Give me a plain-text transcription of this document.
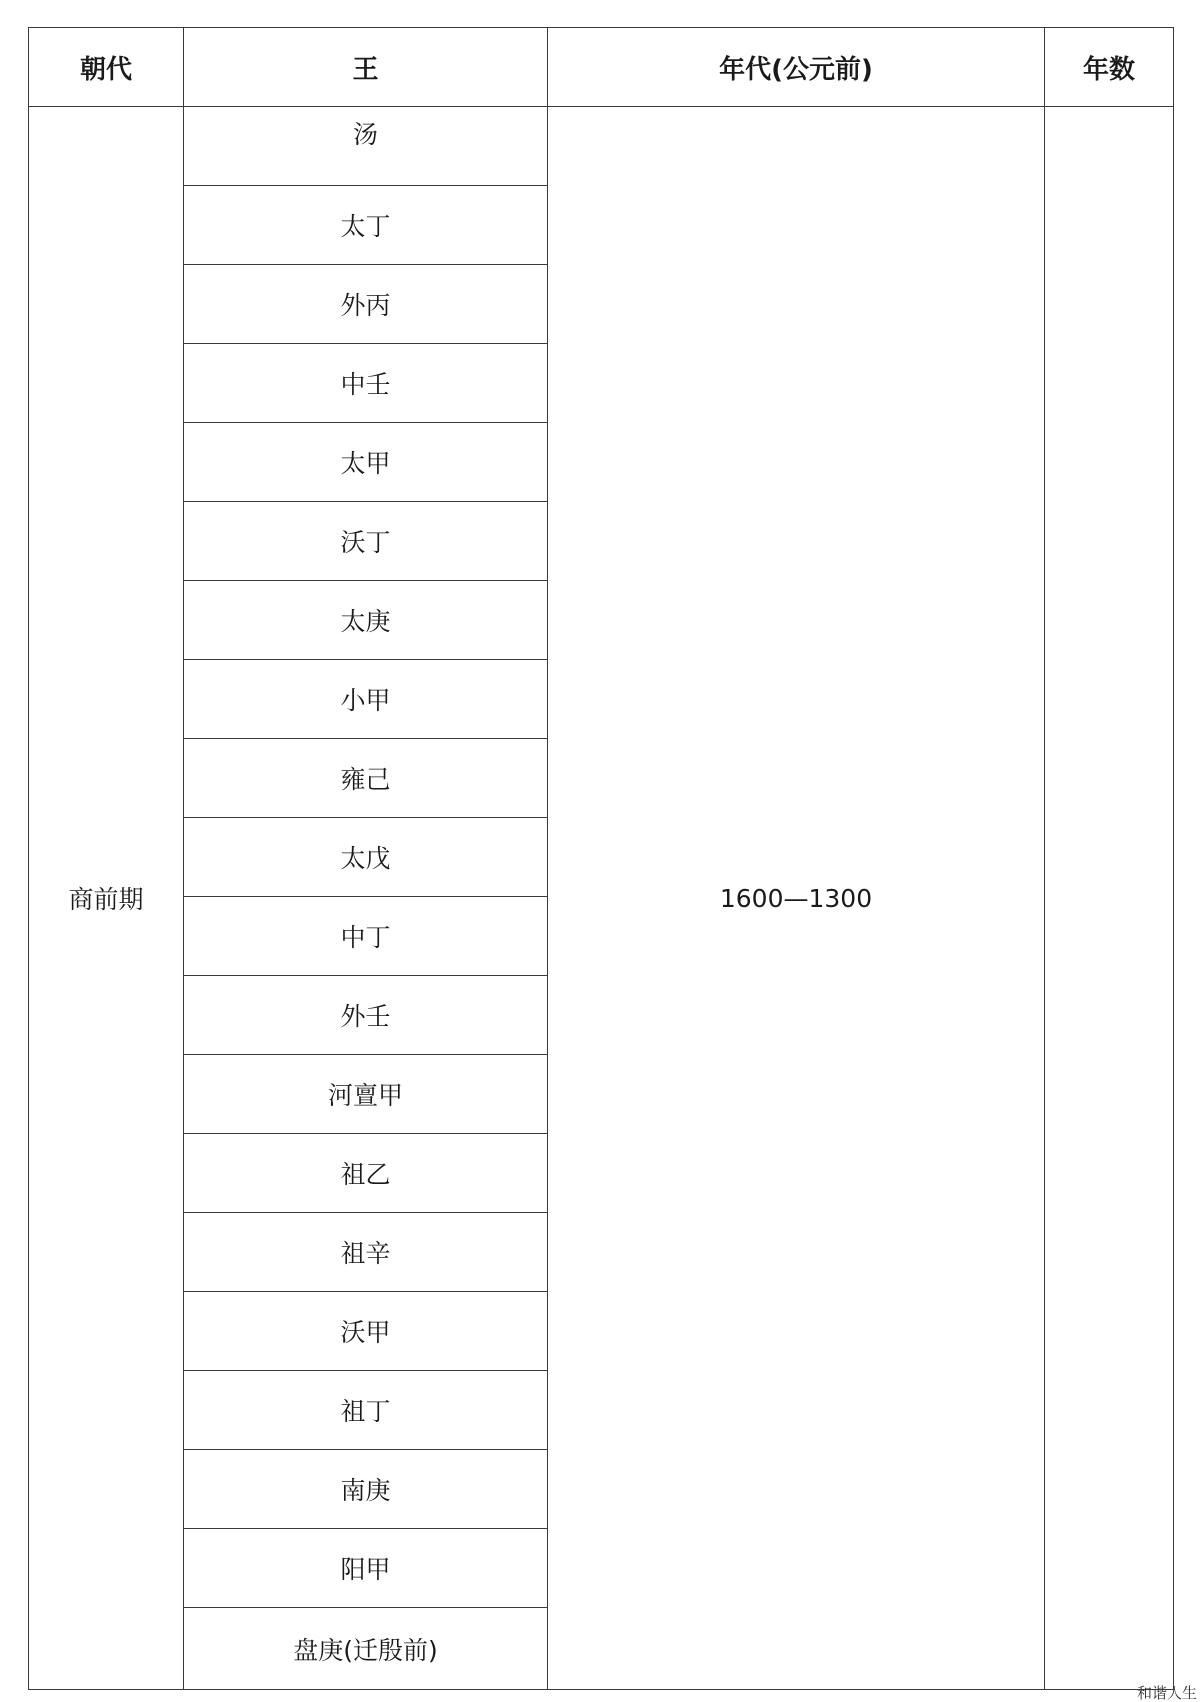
朝代	王	年代(公元前)	年数
商前期	汤	1600—1300	
	太丁		
	外丙		
	中壬		
	太甲		
	沃丁		
	太庚		
	小甲		
	雍己		
	太戊		
	中丁		
	外壬		
	河亶甲		
	祖乙		
	祖辛		
	沃甲		
	祖丁		
	南庚		
	阳甲		
	盘庚(迁殷前)		
和谐人生
